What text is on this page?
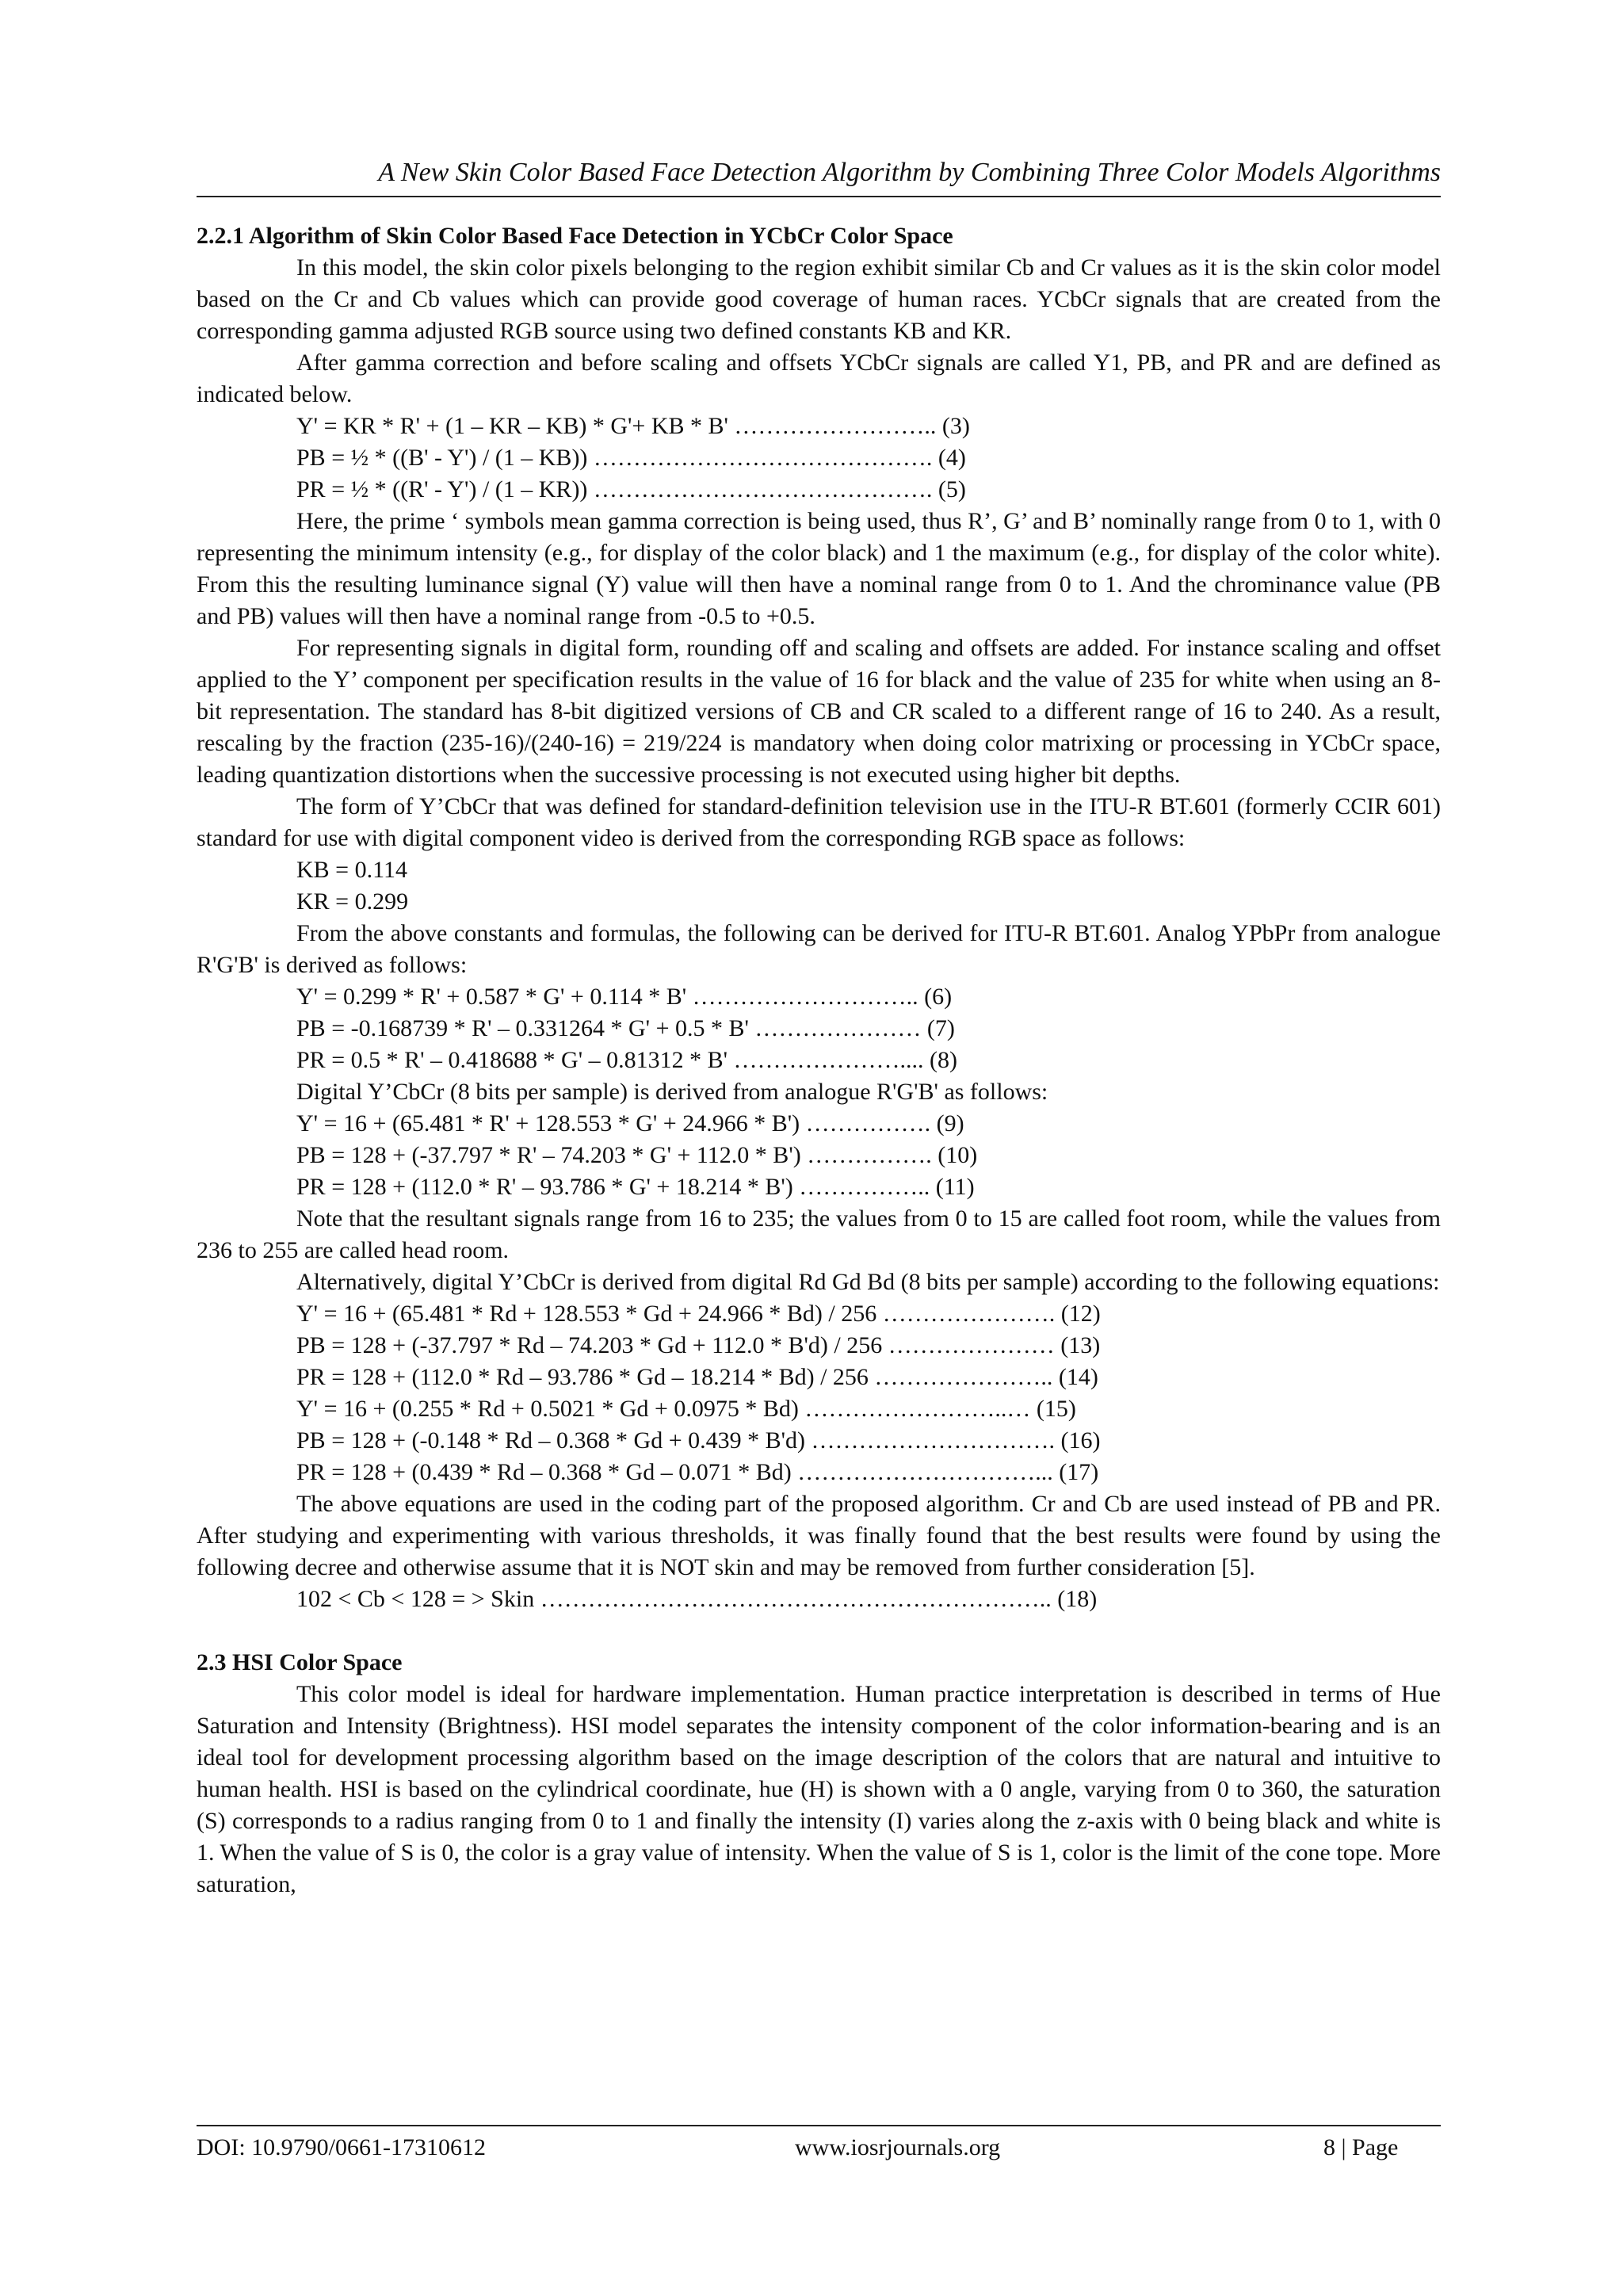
A New Skin Color Based Face Detection Algorithm by Combining Three Color Models Algorithms
2.2.1 Algorithm of Skin Color Based Face Detection in YCbCr Color Space

In this model, the skin color pixels belonging to the region exhibit similar Cb and Cr values as it is the skin color model based on the Cr and Cb values which can provide good coverage of human races. YCbCr signals that are created from the corresponding gamma adjusted RGB source using two defined constants KB and KR.

After gamma correction and before scaling and offsets YCbCr signals are called Y1, PB, and PR and are defined as indicated below.

Y' = KR * R' + (1 – KR – KB) * G'+ KB * B' …………………….. (3)
PB = ½ * ((B' - Y') / (1 – KB)) ……………………………………. (4)
PR = ½ * ((R' - Y') / (1 – KR)) ……………………………………. (5)

Here, the prime ‘ symbols mean gamma correction is being used, thus R’, G’ and B’ nominally range from 0 to 1, with 0 representing the minimum intensity (e.g., for display of the color black) and 1 the maximum (e.g., for display of the color white). From this the resulting luminance signal (Y) value will then have a nominal range from 0 to 1. And the chrominance value (PB and PB) values will then have a nominal range from -0.5 to +0.5.

For representing signals in digital form, rounding off and scaling and offsets are added. For instance scaling and offset applied to the Y’ component per specification results in the value of 16 for black and the value of 235 for white when using an 8-bit representation. The standard has 8-bit digitized versions of CB and CR scaled to a different range of 16 to 240. As a result, rescaling by the fraction (235-16)/(240-16) = 219/224 is mandatory when doing color matrixing or processing in YCbCr space, leading quantization distortions when the successive processing is not executed using higher bit depths.

The form of Y’CbCr that was defined for standard-definition television use in the ITU-R BT.601 (formerly CCIR 601) standard for use with digital component video is derived from the corresponding RGB space as follows:

KB = 0.114
KR = 0.299

From the above constants and formulas, the following can be derived for ITU-R BT.601. Analog YPbPr from analogue R'G'B' is derived as follows:

Y' = 0.299 * R' + 0.587 * G' + 0.114 * B' ……………………….. (6)
PB = -0.168739 * R' – 0.331264 * G' + 0.5 * B' ………………… (7)
PR = 0.5 * R' – 0.418688 * G' – 0.81312 * B' ………………….... (8)
Digital Y’CbCr (8 bits per sample) is derived from analogue R'G'B' as follows:
Y' = 16 + (65.481 * R' + 128.553 * G' + 24.966 * B') ……………. (9)
PB = 128 + (-37.797 * R' – 74.203 * G' + 112.0 * B') ……………. (10)
PR = 128 + (112.0 * R' – 93.786 * G' + 18.214 * B') …………….. (11)

Note that the resultant signals range from 16 to 235; the values from 0 to 15 are called foot room, while the values from 236 to 255 are called head room.

Alternatively, digital Y’CbCr is derived from digital Rd Gd Bd (8 bits per sample) according to the following equations:

Y' = 16 + (65.481 * Rd + 128.553 * Gd + 24.966 * Bd) / 256 …………………. (12)
PB = 128 + (-37.797 * Rd – 74.203 * Gd + 112.0 * B'd) / 256 ………………… (13)
PR = 128 + (112.0 * Rd – 93.786 * Gd – 18.214 * Bd) / 256 ………………….. (14)
Y' = 16 + (0.255 * Rd + 0.5021 * Gd + 0.0975 * Bd) ……………………..… (15)
PB = 128 + (-0.148 * Rd – 0.368 * Gd + 0.439 * B'd) …………………………. (16)
PR = 128 + (0.439 * Rd – 0.368 * Gd – 0.071 * Bd) …………………………... (17)

The above equations are used in the coding part of the proposed algorithm. Cr and Cb are used instead of PB and PR. After studying and experimenting with various thresholds, it was finally found that the best results were found by using the following decree and otherwise assume that it is NOT skin and may be removed from further consideration [5].

102 < Cb < 128 = > Skin ……………………………………………………….. (18)
2.3 HSI Color Space

This color model is ideal for hardware implementation. Human practice interpretation is described in terms of Hue Saturation and Intensity (Brightness). HSI model separates the intensity component of the color information-bearing and is an ideal tool for development processing algorithm based on the image description of the colors that are natural and intuitive to human health. HSI is based on the cylindrical coordinate, hue (H) is shown with a 0 angle, varying from 0 to 360, the saturation (S) corresponds to a radius ranging from 0 to 1 and finally the intensity (I) varies along the z-axis with 0 being black and white is 1. When the value of S is 0, the color is a gray value of intensity. When the value of S is 1, color is the limit of the cone tope. More saturation,

DOI: 10.9790/0661-17310612	www.iosrjournals.org	8 | Page
